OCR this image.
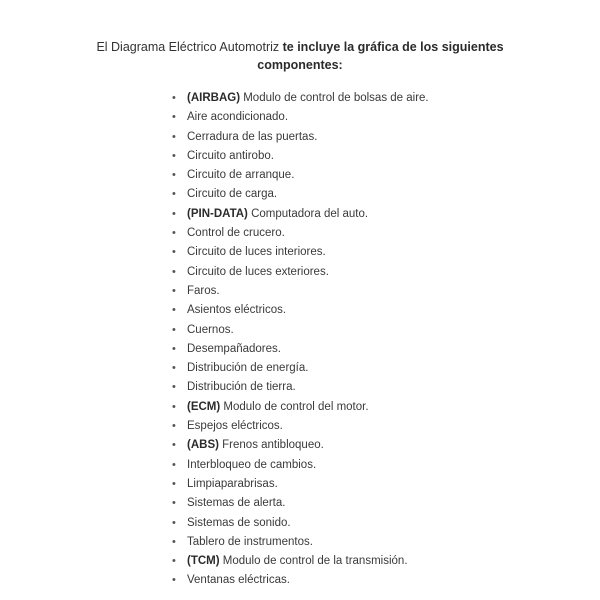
El Diagrama Eléctrico Automotriz te incluye la gráfica de los siguientes componentes:
• (AIRBAG) Modulo de control de bolsas de aire.
• Aire acondicionado.
• Cerradura de las puertas.
• Circuito antirobo.
• Circuito de arranque.
• Circuito de carga.
• (PIN-DATA) Computadora del auto.
• Control de crucero.
• Circuito de luces interiores.
• Circuito de luces exteriores.
• Faros.
• Asientos eléctricos.
• Cuernos.
• Desempañadores.
• Distribución de energía.
• Distribución de tierra.
• (ECM) Modulo de control del motor.
• Espejos eléctricos.
• (ABS) Frenos antibloqueo.
• Interbloqueo de cambios.
• Limpiaparabrisas.
• Sistemas de alerta.
• Sistemas de sonido.
• Tablero de instrumentos.
• (TCM) Modulo de control de la transmisión.
• Ventanas eléctricas.
